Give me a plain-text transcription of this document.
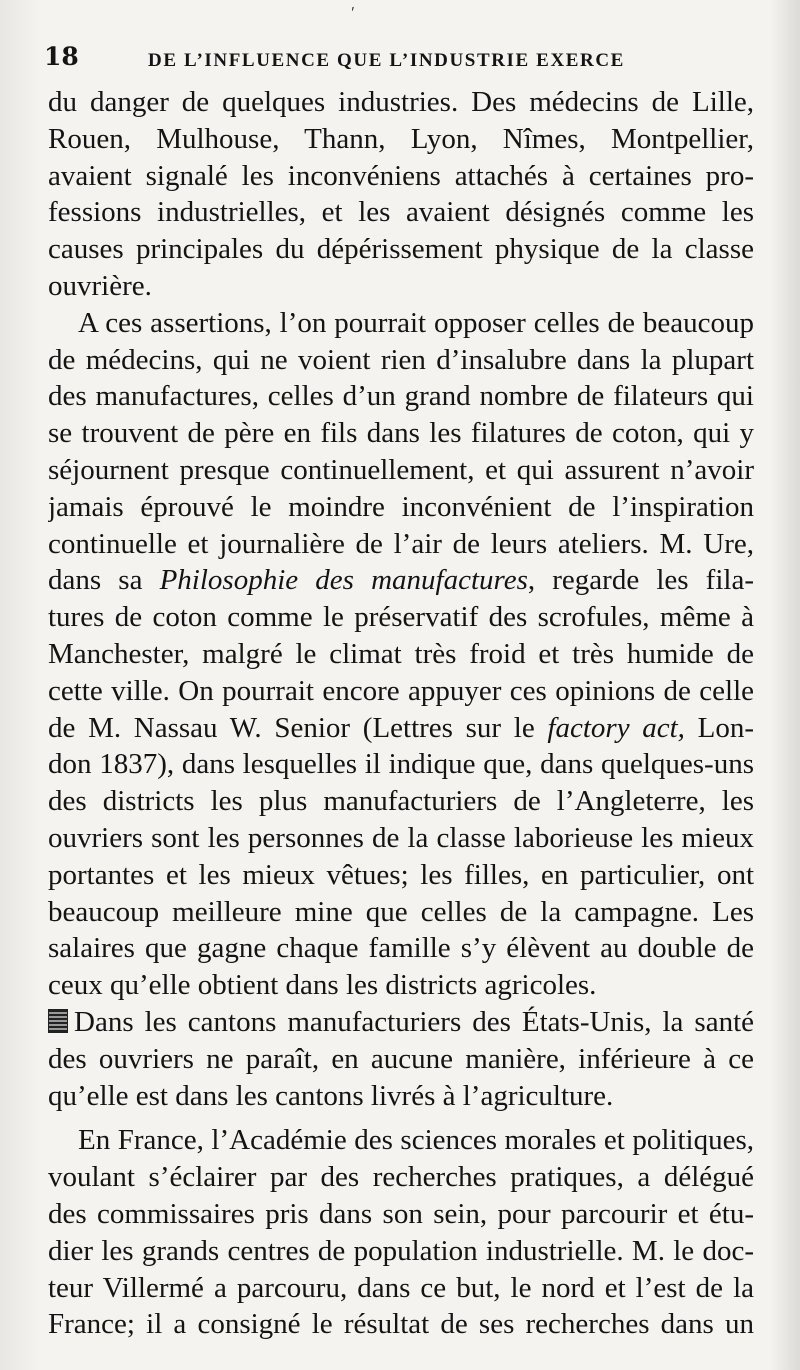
′
18	DE L’INFLUENCE QUE L’INDUSTRIE EXERCE
du danger de quelques industries. Des médecins de Lille,
Rouen, Mulhouse, Thann, Lyon, Nîmes, Montpellier,
avaient signalé les inconvéniens attachés à certaines pro-
fessions industrielles, et les avaient désignés comme les
causes principales du dépérissement physique de la classe
ouvrière.
A ces assertions, l’on pourrait opposer celles de beaucoup
de médecins, qui ne voient rien d’insalubre dans la plupart
des manufactures, celles d’un grand nombre de filateurs qui
se trouvent de père en fils dans les filatures de coton, qui y
séjournent presque continuellement, et qui assurent n’avoir
jamais éprouvé le moindre inconvénient de l’inspiration
continuelle et journalière de l’air de leurs ateliers. M. Ure,
dans sa Philosophie des manufactures, regarde les fila-
tures de coton comme le préservatif des scrofules, même à
Manchester, malgré le climat très froid et très humide de
cette ville. On pourrait encore appuyer ces opinions de celle
de M. Nassau W. Senior (Lettres sur le factory act, Lon-
don 1837), dans lesquelles il indique que, dans quelques-uns
des districts les plus manufacturiers de l’Angleterre, les
ouvriers sont les personnes de la classe laborieuse les mieux
portantes et les mieux vêtues; les filles, en particulier, ont
beaucoup meilleure mine que celles de la campagne. Les
salaires que gagne chaque famille s’y élèvent au double de
ceux qu’elle obtient dans les districts agricoles.
Dans les cantons manufacturiers des États-Unis, la santé
des ouvriers ne paraît, en aucune manière, inférieure à ce
qu’elle est dans les cantons livrés à l’agriculture.
En France, l’Académie des sciences morales et politiques,
voulant s’éclairer par des recherches pratiques, a délégué
des commissaires pris dans son sein, pour parcourir et étu-
dier les grands centres de population industrielle. M. le doc-
teur Villermé a parcouru, dans ce but, le nord et l’est de la
France; il a consigné le résultat de ses recherches dans un
